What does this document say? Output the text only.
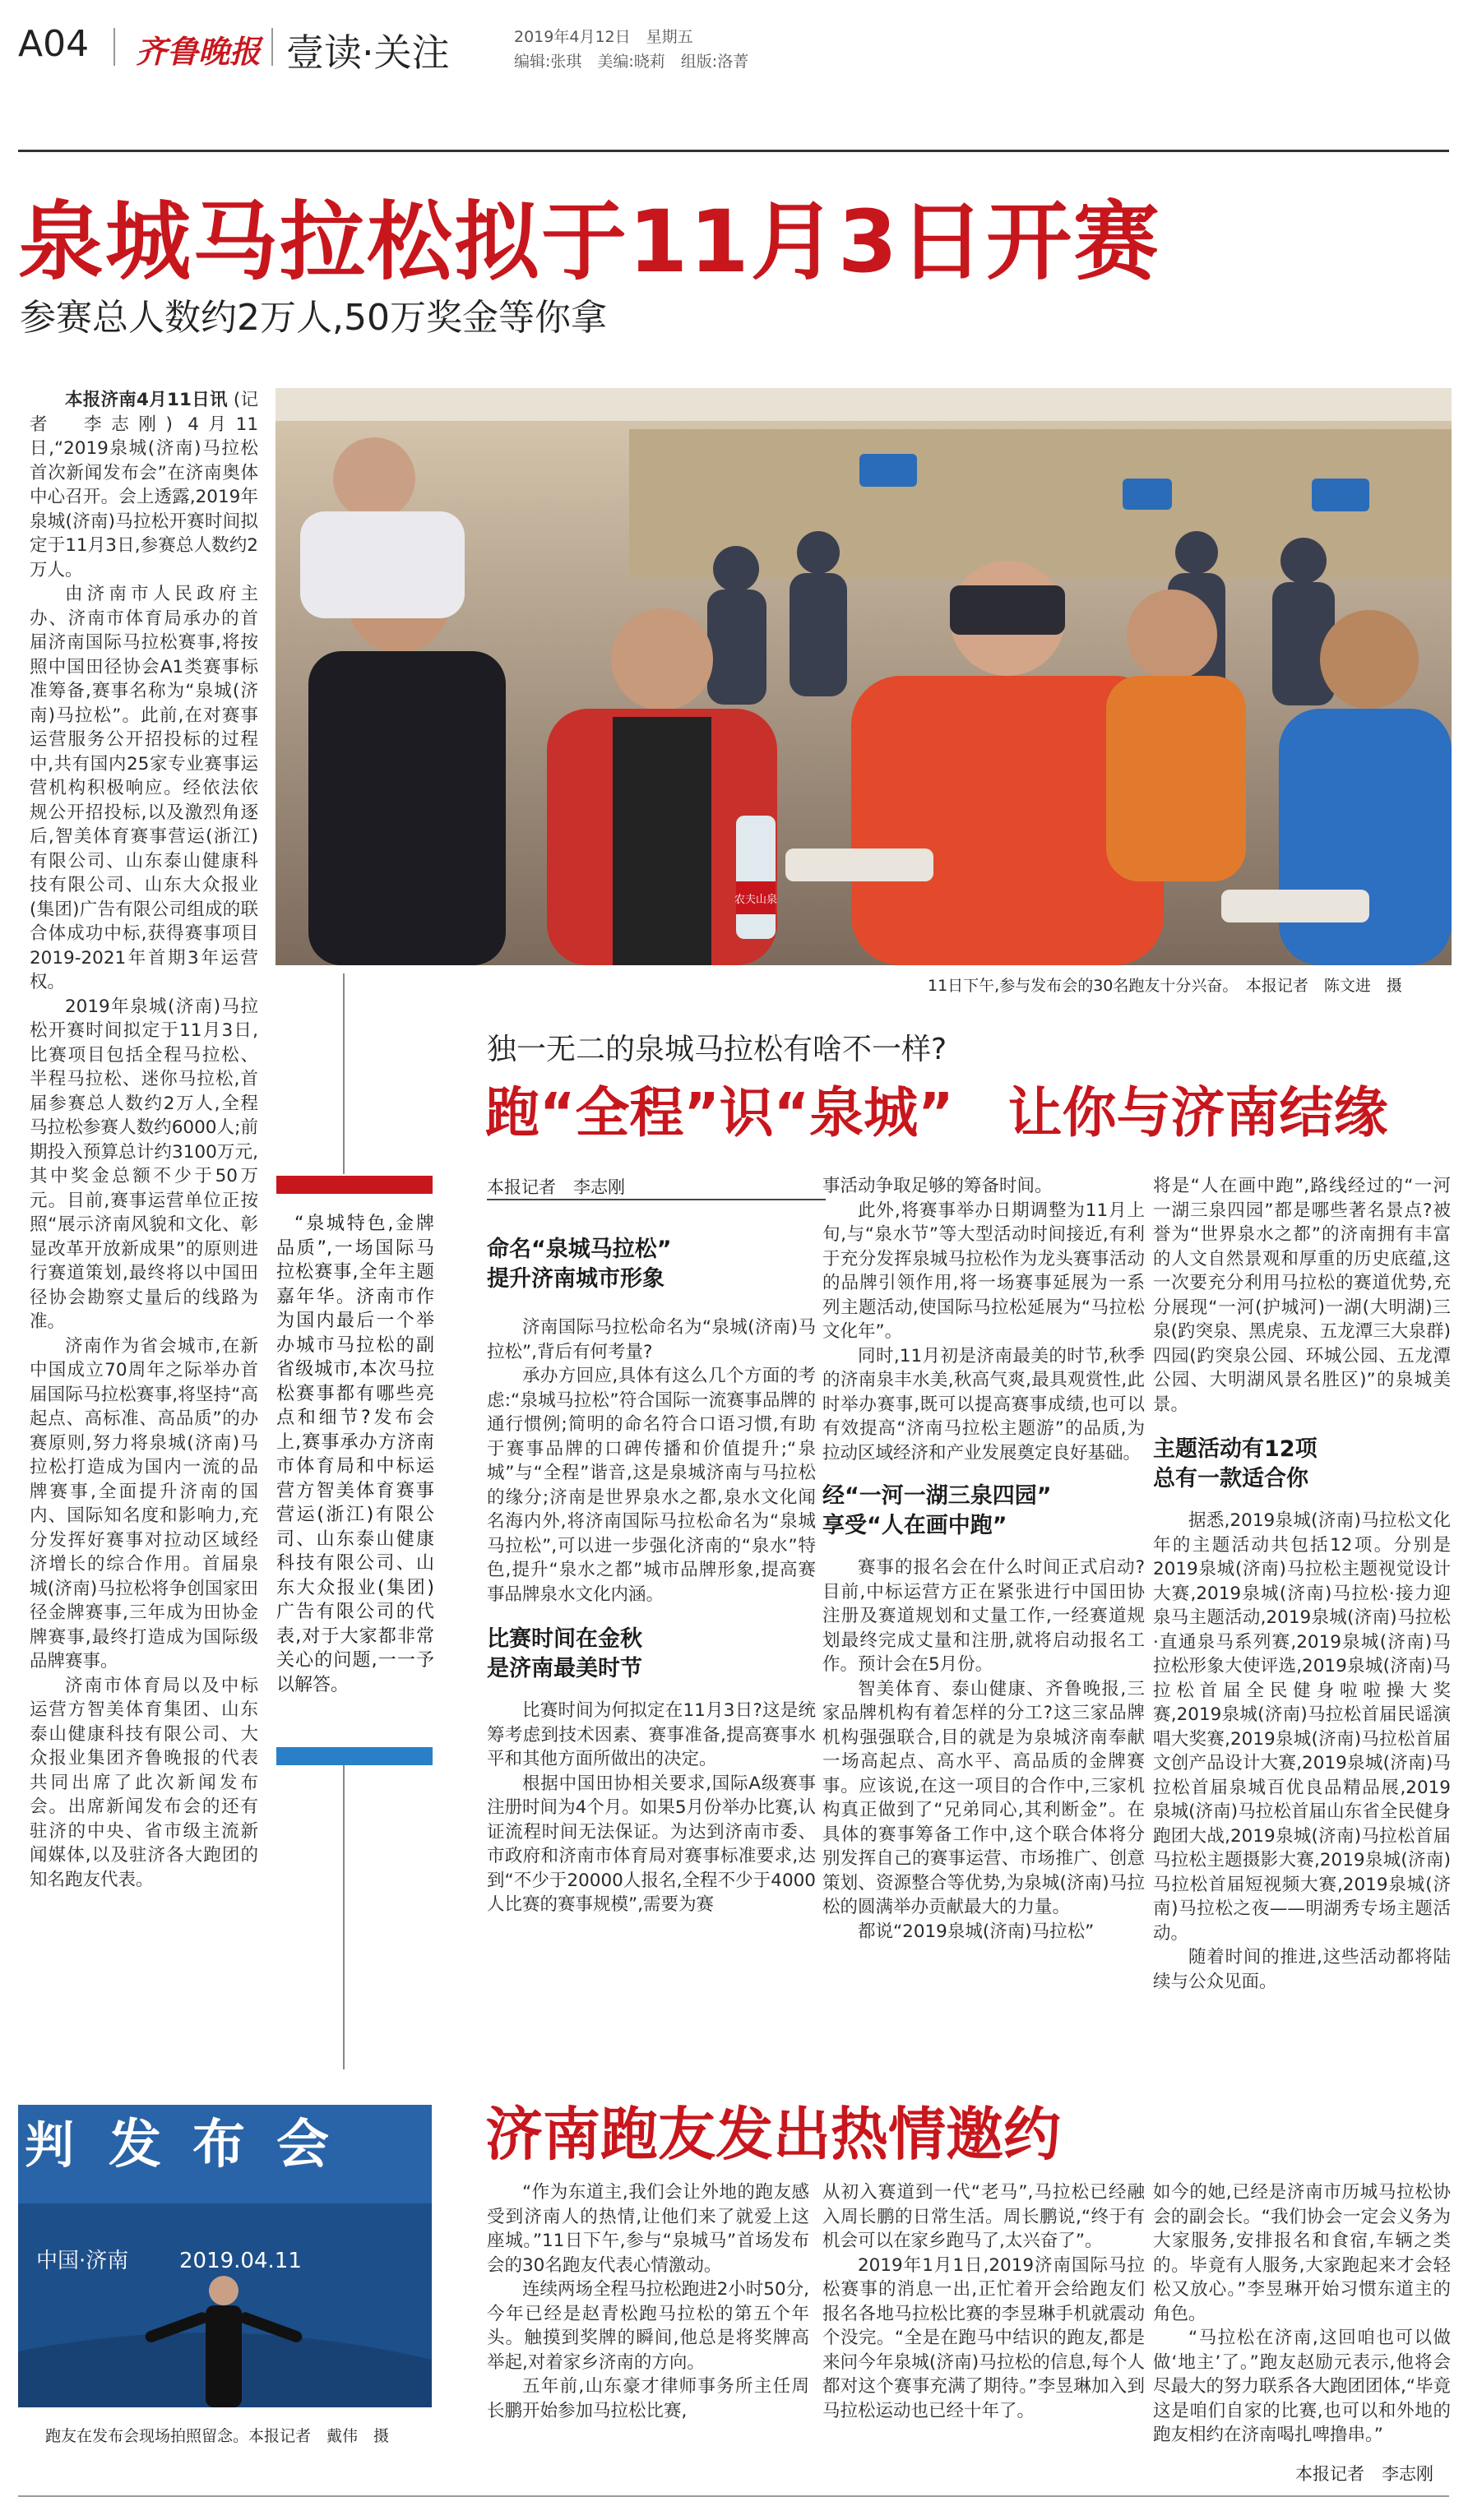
A04 齐鲁晚报 壹读·关注	2019年4月12日　星期五
编辑:张琪　美编:晓莉　组版:洛菁
泉城马拉松拟于11月3日开赛
参赛总人数约2万人,50万奖金等你拿

本报济南4月11日讯 (记者　李志刚) 4月11日,“2019泉城(济南)马拉松首次新闻发布会”在济南奥体中心召开。会上透露,2019年泉城(济南)马拉松开赛时间拟定于11月3日,参赛总人数约2万人。

由济南市人民政府主办、济南市体育局承办的首届济南国际马拉松赛事,将按照中国田径协会A1类赛事标准筹备,赛事名称为“泉城(济南)马拉松”。此前,在对赛事运营服务公开招投标的过程中,共有国内25家专业赛事运营机构积极响应。经依法依规公开招投标,以及激烈角逐后,智美体育赛事营运(浙江)有限公司、山东泰山健康科技有限公司、山东大众报业(集团)广告有限公司组成的联合体成功中标,获得赛事项目2019-2021年首期3年运营权。

2019年泉城(济南)马拉松开赛时间拟定于11月3日,比赛项目包括全程马拉松、半程马拉松、迷你马拉松,首届参赛总人数约2万人,全程马拉松参赛人数约6000人;前期投入预算总计约3100万元,其中奖金总额不少于50万元。目前,赛事运营单位正按照“展示济南风貌和文化、彰显改革开放新成果”的原则进行赛道策划,最终将以中国田径协会勘察丈量后的线路为准。

济南作为省会城市,在新中国成立70周年之际举办首届国际马拉松赛事,将坚持“高起点、高标准、高品质”的办赛原则,努力将泉城(济南)马拉松打造成为国内一流的品牌赛事,全面提升济南的国内、国际知名度和影响力,充分发挥好赛事对拉动区域经济增长的综合作用。首届泉城(济南)马拉松将争创国家田径金牌赛事,三年成为田协金牌赛事,最终打造成为国际级品牌赛事。

济南市体育局以及中标运营方智美体育集团、山东泰山健康科技有限公司、大众报业集团齐鲁晚报的代表共同出席了此次新闻发布会。出席新闻发布会的还有驻济的中央、省市级主流新闻媒体,以及驻济各大跑团的知名跑友代表。

农夫山泉
11日下午,参与发布会的30名跑友十分兴奋。　本报记者　陈文进　摄
独一无二的泉城马拉松有啥不一样?
跑“全程”识“泉城”　让你与济南结缘
“泉城特色,金牌品质”,一场国际马拉松赛事,全年主题嘉年华。济南市作为国内最后一个举办城市马拉松的副省级城市,本次马拉松赛事都有哪些亮点和细节?发布会上,赛事承办方济南市体育局和中标运营方智美体育赛事营运(浙江)有限公司、山东泰山健康科技有限公司、山东大众报业(集团)广告有限公司的代表,对于大家都非常关心的问题,一一予以解答。
本报记者　李志刚
命名“泉城马拉松”
提升济南城市形象

济南国际马拉松命名为“泉城(济南)马拉松”,背后有何考量?

承办方回应,具体有这么几个方面的考虑:“泉城马拉松”符合国际一流赛事品牌的通行惯例;简明的命名符合口语习惯,有助于赛事品牌的口碑传播和价值提升;“泉城”与“全程”谐音,这是泉城济南与马拉松的缘分;济南是世界泉水之都,泉水文化闻名海内外,将济南国际马拉松命名为“泉城马拉松”,可以进一步强化济南的“泉水”特色,提升“泉水之都”城市品牌形象,提高赛事品牌泉水文化内涵。

比赛时间在金秋
是济南最美时节

比赛时间为何拟定在11月3日?这是统筹考虑到技术因素、赛事准备,提高赛事水平和其他方面所做出的决定。

根据中国田协相关要求,国际A级赛事注册时间为4个月。如果5月份举办比赛,认证流程时间无法保证。为达到济南市委、市政府和济南市体育局对赛事标准要求,达到“不少于20000人报名,全程不少于4000人比赛的赛事规模”,需要为赛

事活动争取足够的筹备时间。

此外,将赛事举办日期调整为11月上旬,与“泉水节”等大型活动时间接近,有利于充分发挥泉城马拉松作为龙头赛事活动的品牌引领作用,将一场赛事延展为一系列主题活动,使国际马拉松延展为“马拉松文化年”。

同时,11月初是济南最美的时节,秋季的济南泉丰水美,秋高气爽,最具观赏性,此时举办赛事,既可以提高赛事成绩,也可以有效提高“济南马拉松主题游”的品质,为拉动区域经济和产业发展奠定良好基础。

经“一河一湖三泉四园”
享受“人在画中跑”

赛事的报名会在什么时间正式启动?目前,中标运营方正在紧张进行中国田协注册及赛道规划和丈量工作,一经赛道规划最终完成丈量和注册,就将启动报名工作。预计会在5月份。

智美体育、泰山健康、齐鲁晚报,三家品牌机构有着怎样的分工?这三家品牌机构强强联合,目的就是为泉城济南奉献一场高起点、高水平、高品质的金牌赛事。应该说,在这一项目的合作中,三家机构真正做到了“兄弟同心,其利断金”。在具体的赛事筹备工作中,这个联合体将分别发挥自己的赛事运营、市场推广、创意策划、资源整合等优势,为泉城(济南)马拉松的圆满举办贡献最大的力量。

都说“2019泉城(济南)马拉松”

将是“人在画中跑”,路线经过的“一河一湖三泉四园”都是哪些著名景点?被誉为“世界泉水之都”的济南拥有丰富的人文自然景观和厚重的历史底蕴,这一次要充分利用马拉松的赛道优势,充分展现“一河(护城河)一湖(大明湖)三泉(趵突泉、黑虎泉、五龙潭三大泉群)四园(趵突泉公园、环城公园、五龙潭公园、大明湖风景名胜区)”的泉城美景。

主题活动有12项
总有一款适合你

据悉,2019泉城(济南)马拉松文化年的主题活动共包括12项。分别是2019泉城(济南)马拉松主题视觉设计大赛,2019泉城(济南)马拉松·接力迎泉马主题活动,2019泉城(济南)马拉松·直通泉马系列赛,2019泉城(济南)马拉松形象大使评选,2019泉城(济南)马拉松首届全民健身啦啦操大奖赛,2019泉城(济南)马拉松首届民谣演唱大奖赛,2019泉城(济南)马拉松首届文创产品设计大赛,2019泉城(济南)马拉松首届泉城百优良品精品展,2019泉城(济南)马拉松首届山东省全民健身跑团大战,2019泉城(济南)马拉松首届马拉松主题摄影大赛,2019泉城(济南)马拉松首届短视频大赛,2019泉城(济南)马拉松之夜——明湖秀专场主题活动。

随着时间的推进,这些活动都将陆续与公众见面。

济南跑友发出热情邀约

“作为东道主,我们会让外地的跑友感受到济南人的热情,让他们来了就爱上这座城。”11日下午,参与“泉城马”首场发布会的30名跑友代表心情激动。

连续两场全程马拉松跑进2小时50分,今年已经是赵青松跑马拉松的第五个年头。触摸到奖牌的瞬间,他总是将奖牌高举起,对着家乡济南的方向。

五年前,山东豪才律师事务所主任周长鹏开始参加马拉松比赛,

从初入赛道到一代“老马”,马拉松已经融入周长鹏的日常生活。周长鹏说,“终于有机会可以在家乡跑马了,太兴奋了”。

2019年1月1日,2019济南国际马拉松赛事的消息一出,正忙着开会给跑友们报名各地马拉松比赛的李昱琳手机就震动个没完。“全是在跑马中结识的跑友,都是来问今年泉城(济南)马拉松的信息,每个人都对这个赛事充满了期待。”李昱琳加入到马拉松运动也已经十年了。

如今的她,已经是济南市历城马拉松协会的副会长。“我们协会一定会义务为大家服务,安排报名和食宿,车辆之类的。毕竟有人服务,大家跑起来才会轻松又放心。”李昱琳开始习惯东道主的角色。

“马拉松在济南,这回咱也可以做做‘地主’了。”跑友赵励元表示,他将会尽最大的努力联系各大跑团团体,“毕竟这是咱们自家的比赛,也可以和外地的跑友相约在济南喝扎啤撸串。”

本报记者　李志刚
判 发布会
中国·济南 2019.04.11
跑友在发布会现场拍照留念。本报记者　戴伟　摄
